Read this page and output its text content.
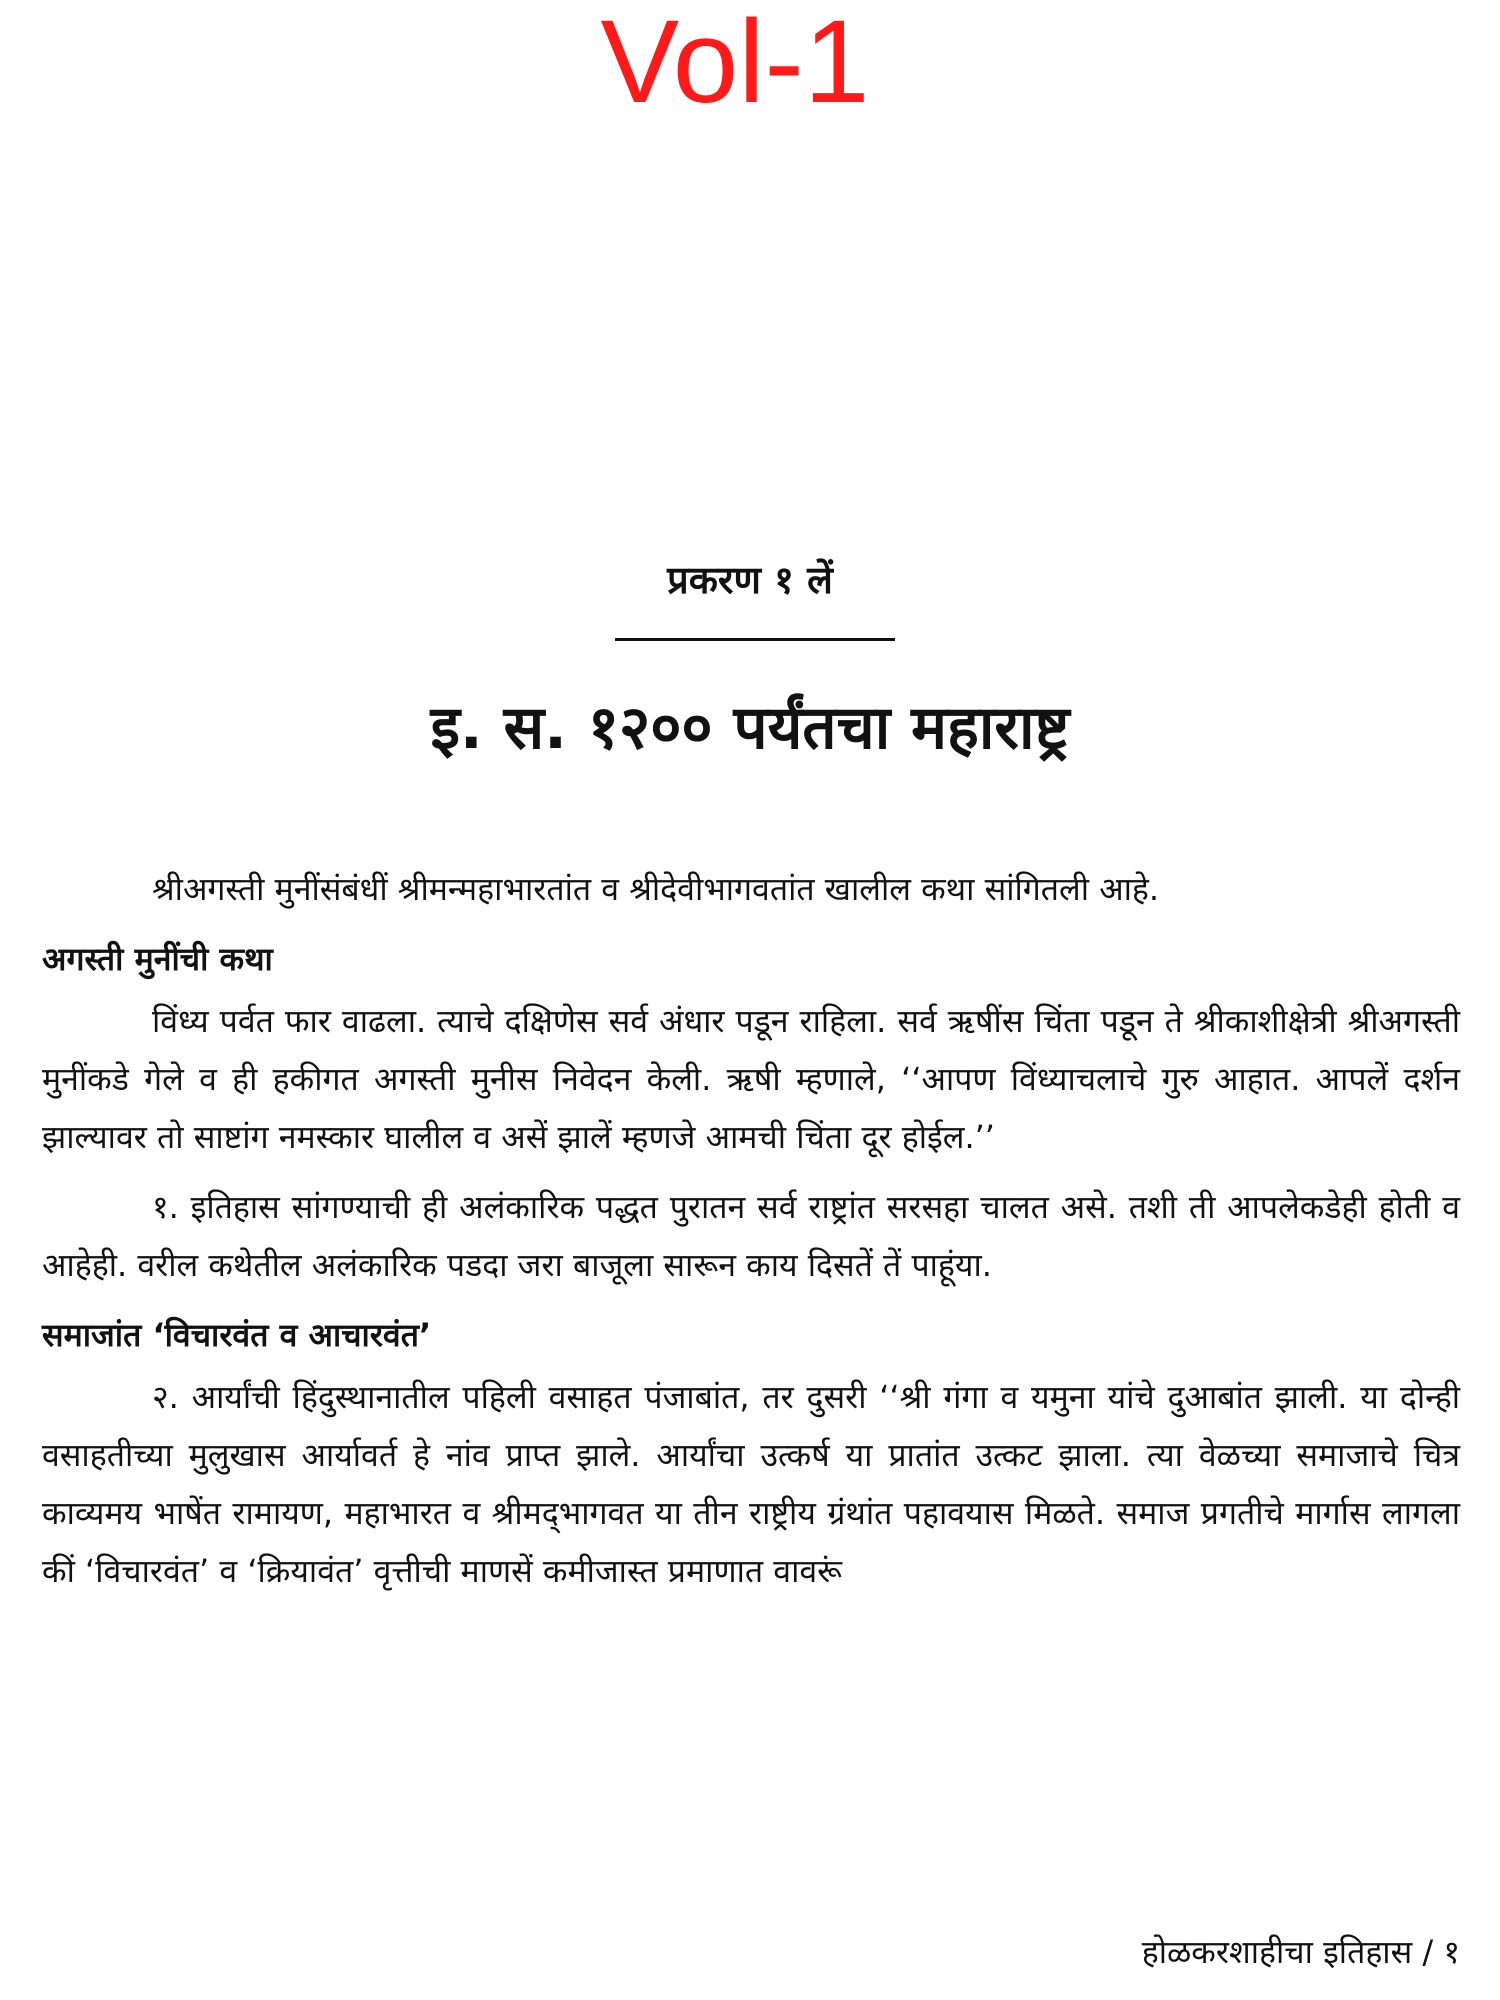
Vol-1
प्रकरण १ लें
इ. स. १२०० पर्यंतचा महाराष्ट्र

श्रीअगस्ती मुनींसंबंधीं श्रीमन्महाभारतांत व श्रीदेवीभागवतांत खालील कथा सांगितली आहे.

अगस्ती मुनींची कथा

विंध्य पर्वत फार वाढला. त्याचे दक्षिणेस सर्व अंधार पडून राहिला. सर्व ऋषींस चिंता पडून ते श्रीकाशीक्षेत्री श्रीअगस्ती मुनींकडे गेले व ही हकीगत अगस्ती मुनीस निवेदन केली. ऋषी म्हणाले, ‘‘आपण विंध्याचलाचे गुरु आहात. आपलें दर्शन झाल्यावर तो साष्टांग नमस्कार घालील व असें झालें म्हणजे आमची चिंता दूर होईल.’’

१. इतिहास सांगण्याची ही अलंकारिक पद्धत पुरातन सर्व राष्ट्रांत सरसहा चालत असे. तशी ती आपलेकडेही होती व आहेही. वरील कथेतील अलंकारिक पडदा जरा बाजूला सारून काय दिसतें तें पाहूंया.

समाजांत ‘विचारवंत व आचारवंत’

२. आर्यांची हिंदुस्थानातील पहिली वसाहत पंजाबांत, तर दुसरी ‘‘श्री गंगा व यमुना यांचे दुआबांत झाली. या दोन्ही वसाहतीच्या मुलुखास आर्यावर्त हे नांव प्राप्त झाले. आर्यांचा उत्कर्ष या प्रातांत उत्कट झाला. त्या वेळच्या समाजाचे चित्र काव्यमय भाषेंत रामायण, महाभारत व श्रीमद्‌भागवत या तीन राष्ट्रीय ग्रंथांत पहावयास मिळते. समाज प्रगतीचे मार्गास लागला कीं ‘विचारवंत’ व ‘क्रियावंत’ वृत्तीची माणसें कमीजास्त प्रमाणात वावरूं

होळकरशाहीचा इतिहास / १
